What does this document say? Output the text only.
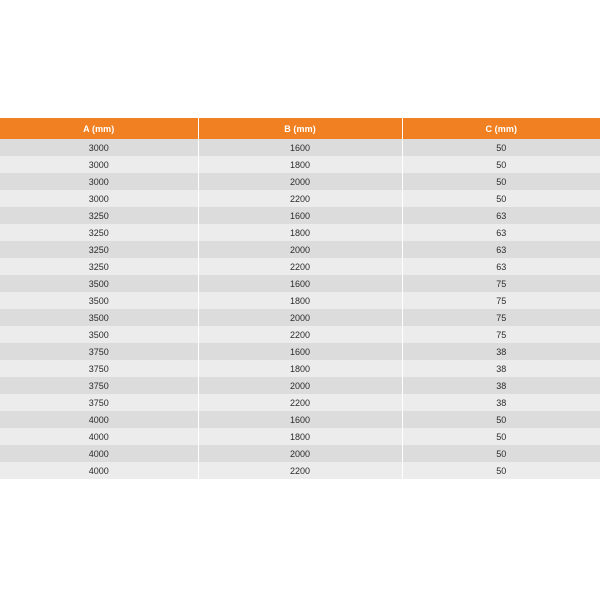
A (mm)	B (mm)	C (mm)
3000	1600	50
3000	1800	50
3000	2000	50
3000	2200	50
3250	1600	63
3250	1800	63
3250	2000	63
3250	2200	63
3500	1600	75
3500	1800	75
3500	2000	75
3500	2200	75
3750	1600	38
3750	1800	38
3750	2000	38
3750	2200	38
4000	1600	50
4000	1800	50
4000	2000	50
4000	2200	50
